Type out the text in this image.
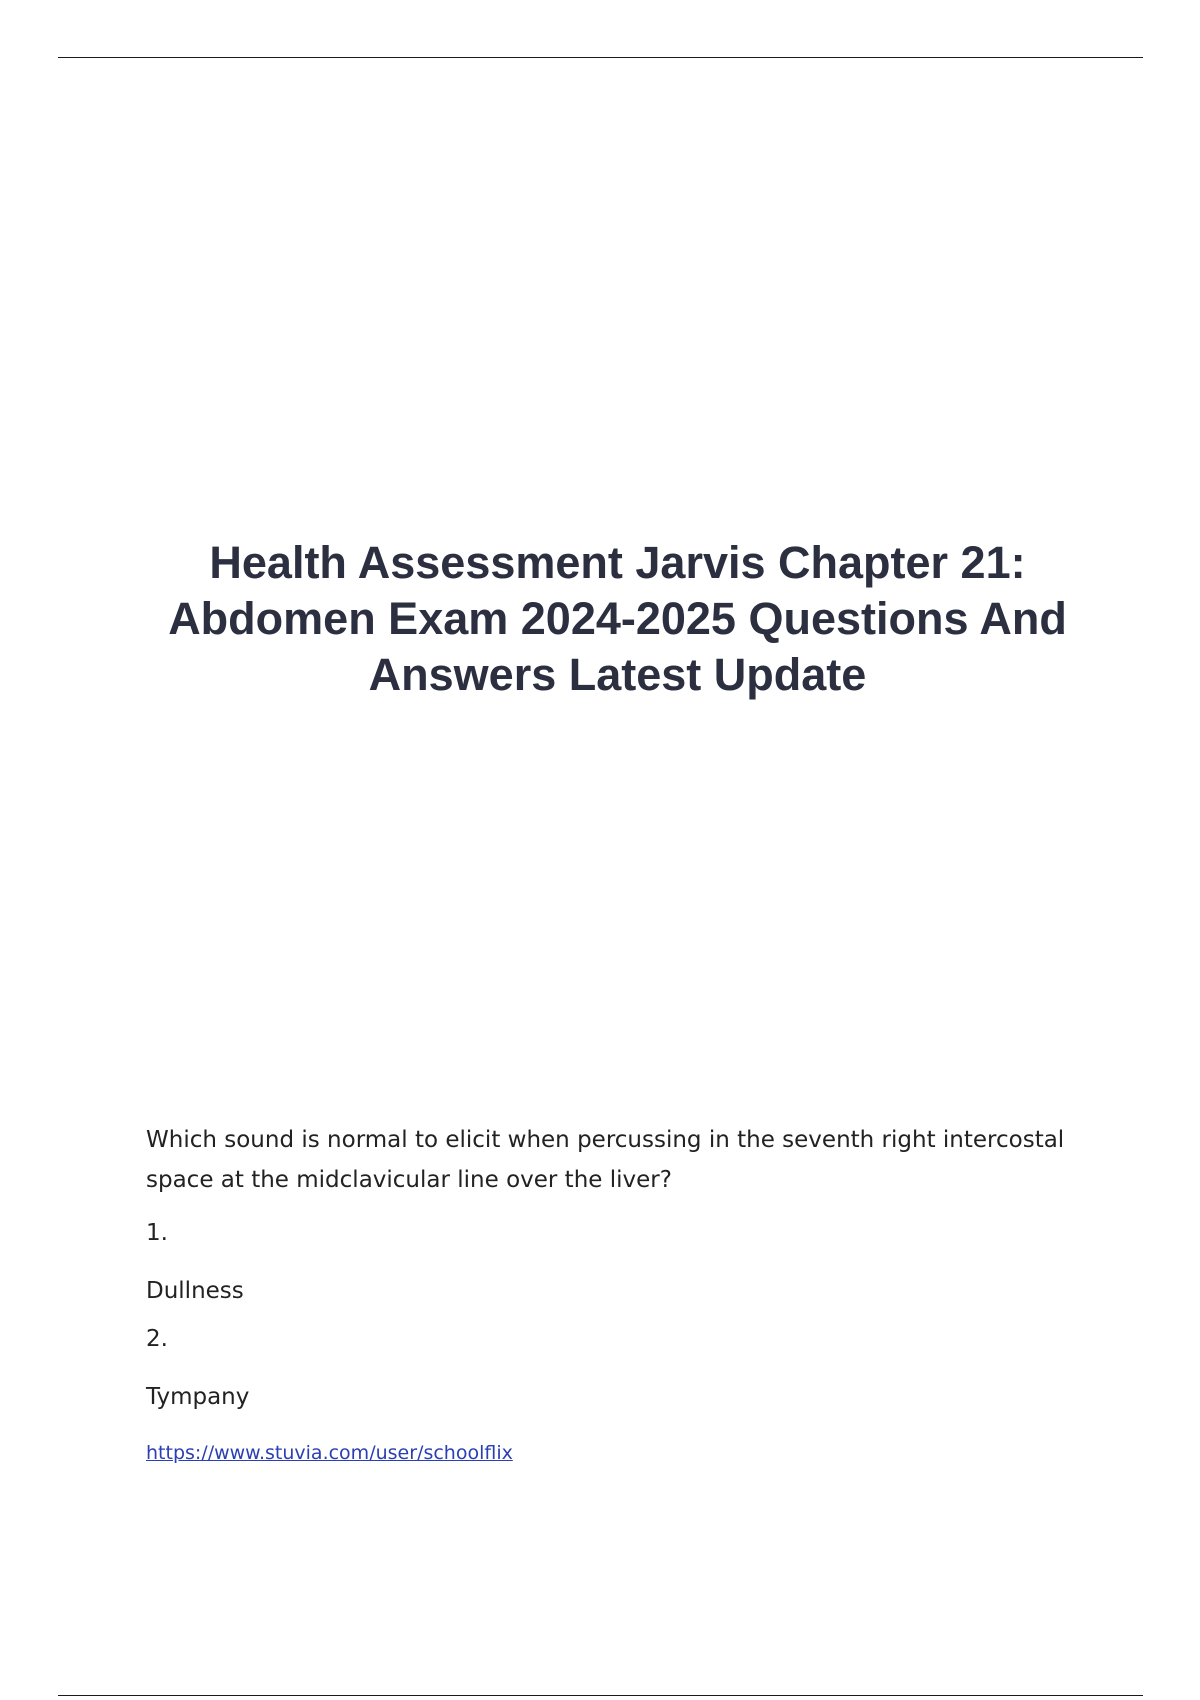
Health Assessment Jarvis Chapter 21: Abdomen Exam 2024-2025 Questions And Answers Latest Update

Which sound is normal to elicit when percussing in the seventh right intercostal space at the midclavicular line over the liver?

1.

Dullness

2.

Tympany

https://www.stuvia.com/user/schoolflix
